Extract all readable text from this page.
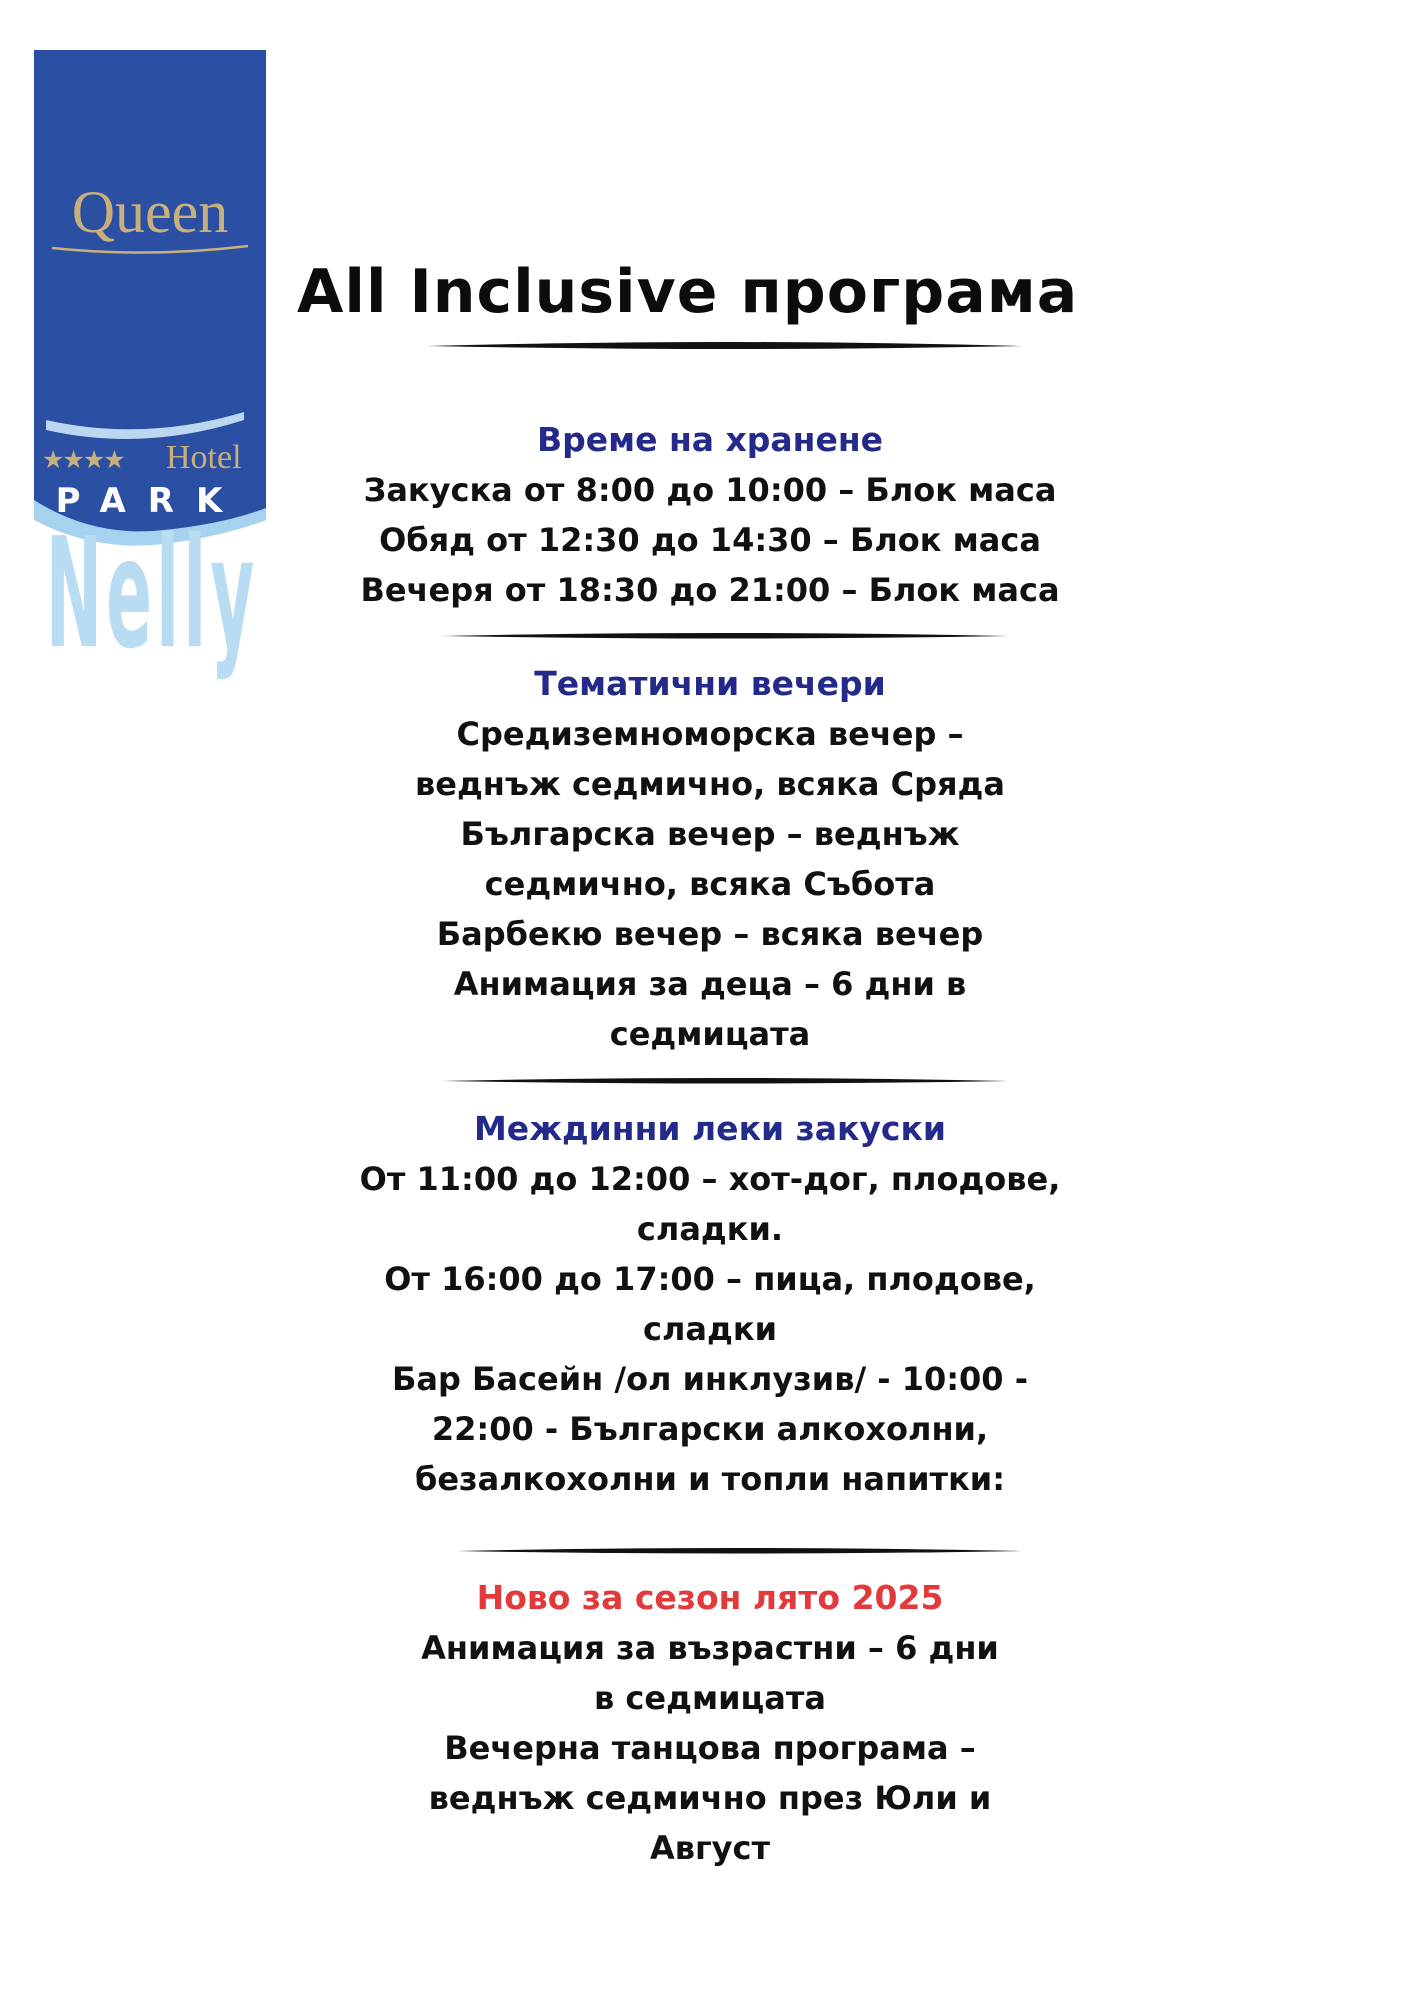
Queen
Nelly
★★★★ Hotel
PARK
All Inclusive програма
Време на хранене
Закуска от 8:00 до 10:00 – Блок маса
Обяд от 12:30 до 14:30 – Блок маса
Вечеря от 18:30 до 21:00 – Блок маса
Тематични вечери
Средиземноморска вечер –
веднъж седмично, всяка Сряда
Българска вечер – веднъж
седмично, всяка Събота
Барбекю вечер – всяка вечер
Анимация за деца – 6 дни в
седмицата
Междинни леки закуски
От 11:00 до 12:00 – хот-дог, плодове,
сладки.
От 16:00 до 17:00 – пица, плодове,
сладки
Бар Басейн /ол инклузив/ - 10:00 -
22:00 - Български алкохолни,
безалкохолни и топли напитки:
Ново за сезон лято 2025
Анимация за възрастни – 6 дни
в седмицата
Вечерна танцова програма –
веднъж седмично през Юли и
Август
